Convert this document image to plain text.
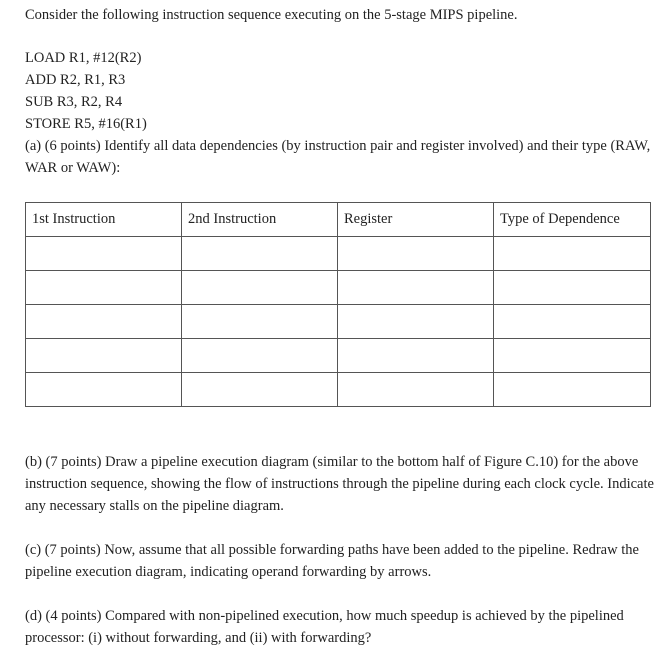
Consider the following instruction sequence executing on the 5-stage MIPS pipeline.
LOAD R1, #12(R2)
ADD R2, R1, R3
SUB R3, R2, R4
STORE R5, #16(R1)
(a) (6 points) Identify all data dependencies (by instruction pair and register involved) and their type (RAW, WAR or WAW):
1st Instruction	2nd Instruction	Register	Type of Dependence

(b) (7 points) Draw a pipeline execution diagram (similar to the bottom half of Figure C.10) for the above instruction sequence, showing the flow of instructions through the pipeline during each clock cycle. Indicate any necessary stalls on the pipeline diagram.
(c) (7 points) Now, assume that all possible forwarding paths have been added to the pipeline. Redraw the pipeline execution diagram, indicating operand forwarding by arrows.
(d) (4 points) Compared with non-pipelined execution, how much speedup is achieved by the pipelined processor: (i) without forwarding, and (ii) with forwarding?
